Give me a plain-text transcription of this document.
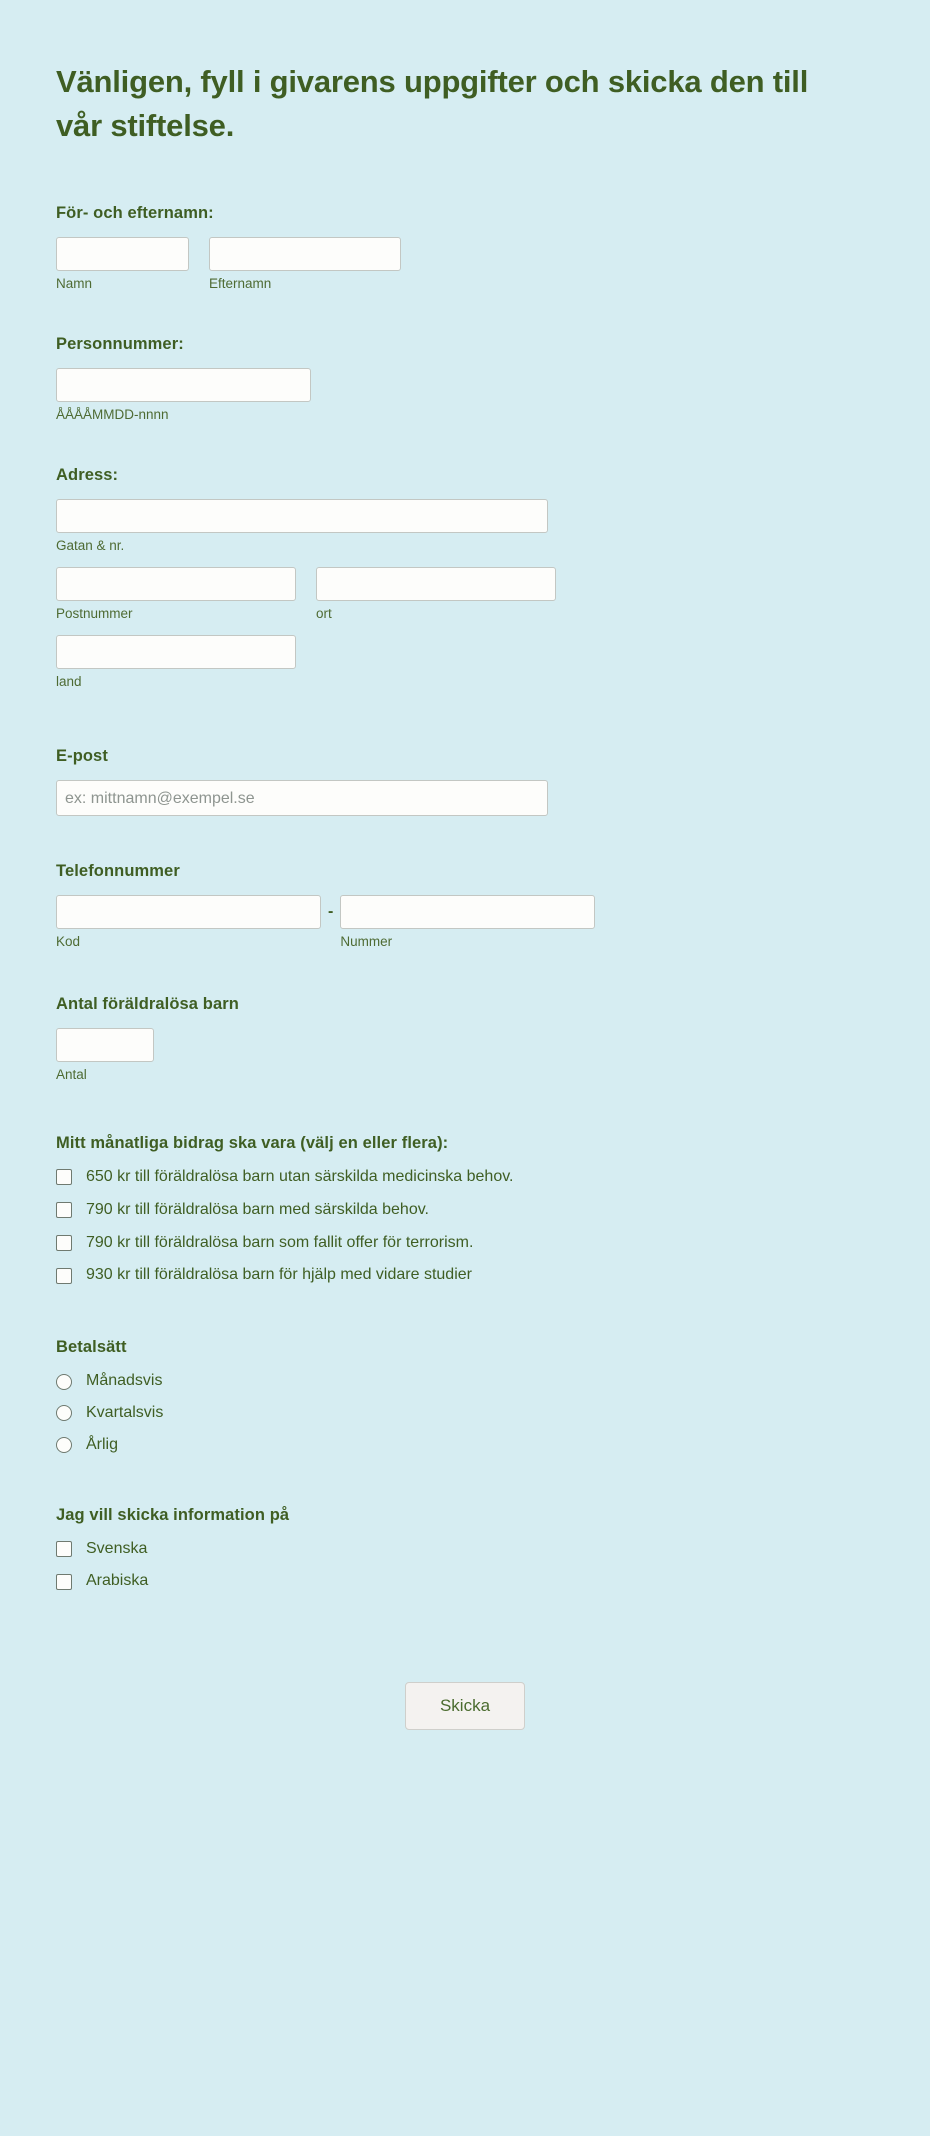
Vänligen, fyll i givarens uppgifter och skicka den till vår stiftelse.
För- och efternamn:
Namn	Efternamn
Personnummer:
ÅÅÅÅMMDD-nnnn
Adress:
Gatan & nr.
Postnummer	ort
land
E-post
ex: mittnamn@exempel.se
Telefonnummer
Kod
-
Nummer
Antal föräldralösa barn
Antal
Mitt månatliga bidrag ska vara (välj en eller flera):
650 kr till föräldralösa barn utan särskilda medicinska behov.
790 kr till föräldralösa barn med särskilda behov.
790 kr till föräldralösa barn som fallit offer för terrorism.
930 kr till föräldralösa barn för hjälp med vidare studier
Betalsätt
Månadsvis
Kvartalsvis
Årlig
Jag vill skicka information på
Svenska
Arabiska
Skicka
